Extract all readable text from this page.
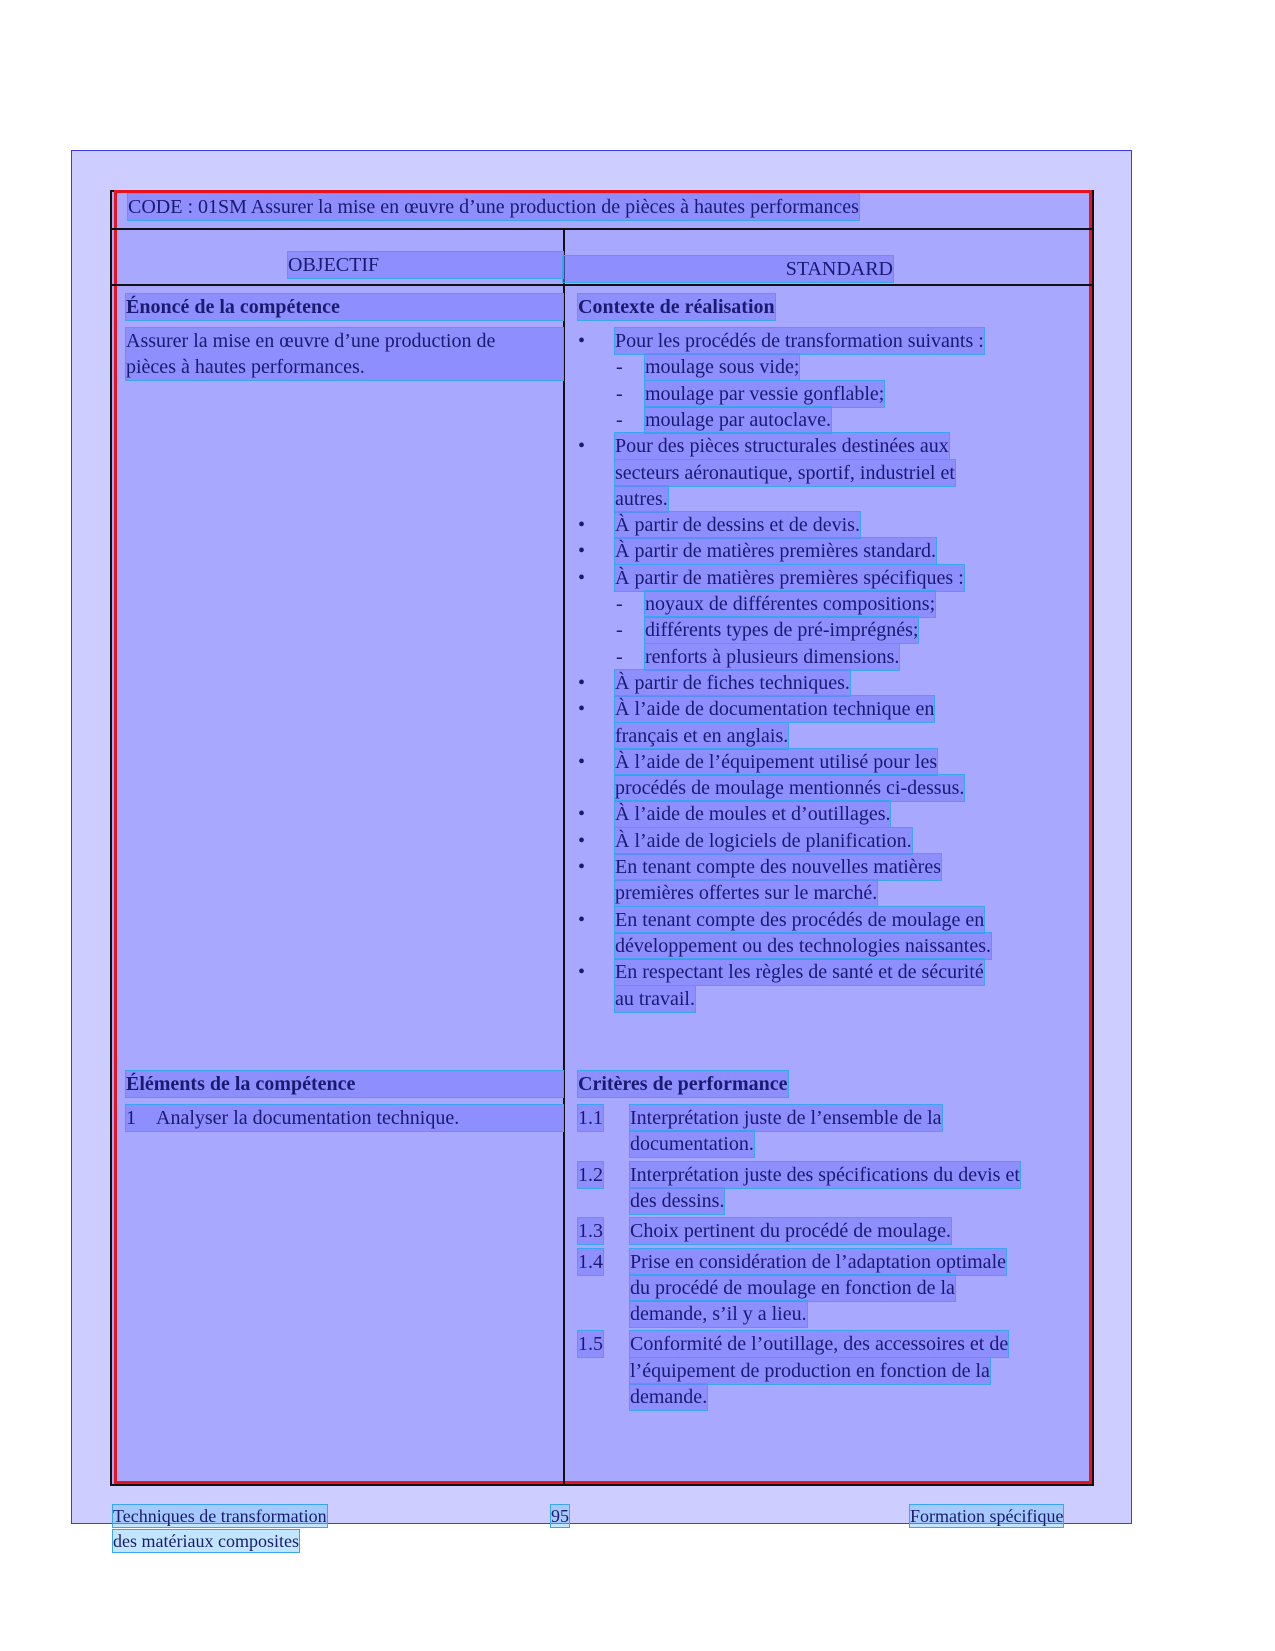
CODE : 01SM Assurer la mise en œuvre d’une production de pièces à hautes performances
OBJECTIF	STANDARD
Énoncé de la compétence
Assurer la mise en œuvre d’une production de
pièces à hautes performances.
Contexte de réalisation
• Pour les procédés de transformation suivants :
- moulage sous vide;
- moulage par vessie gonflable;
- moulage par autoclave.
• Pour des pièces structurales destinées aux
secteurs aéronautique, sportif, industriel et
autres.
• À partir de dessins et de devis.
• À partir de matières premières standard.
• À partir de matières premières spécifiques :
- noyaux de différentes compositions;
- différents types de pré-imprégnés;
- renforts à plusieurs dimensions.
• À partir de fiches techniques.
• À l’aide de documentation technique en
français et en anglais.
• À l’aide de l’équipement utilisé pour les
procédés de moulage mentionnés ci-dessus.
• À l’aide de moules et d’outillages.
• À l’aide de logiciels de planification.
• En tenant compte des nouvelles matières
premières offertes sur le marché.
• En tenant compte des procédés de moulage en
développement ou des technologies naissantes.
• En respectant les règles de santé et de sécurité
au travail.
Éléments de la compétence
1 Analyser la documentation technique.
Critères de performance
1.1 Interprétation juste de l’ensemble de la
documentation.
1.2 Interprétation juste des spécifications du devis et
des dessins.
1.3 Choix pertinent du procédé de moulage.
1.4 Prise en considération de l’adaptation optimale
du procédé de moulage en fonction de la
demande, s’il y a lieu.
1.5 Conformité de l’outillage, des accessoires et de
l’équipement de production en fonction de la
demande.
Techniques de transformation
des matériaux composites
95	Formation spécifique
